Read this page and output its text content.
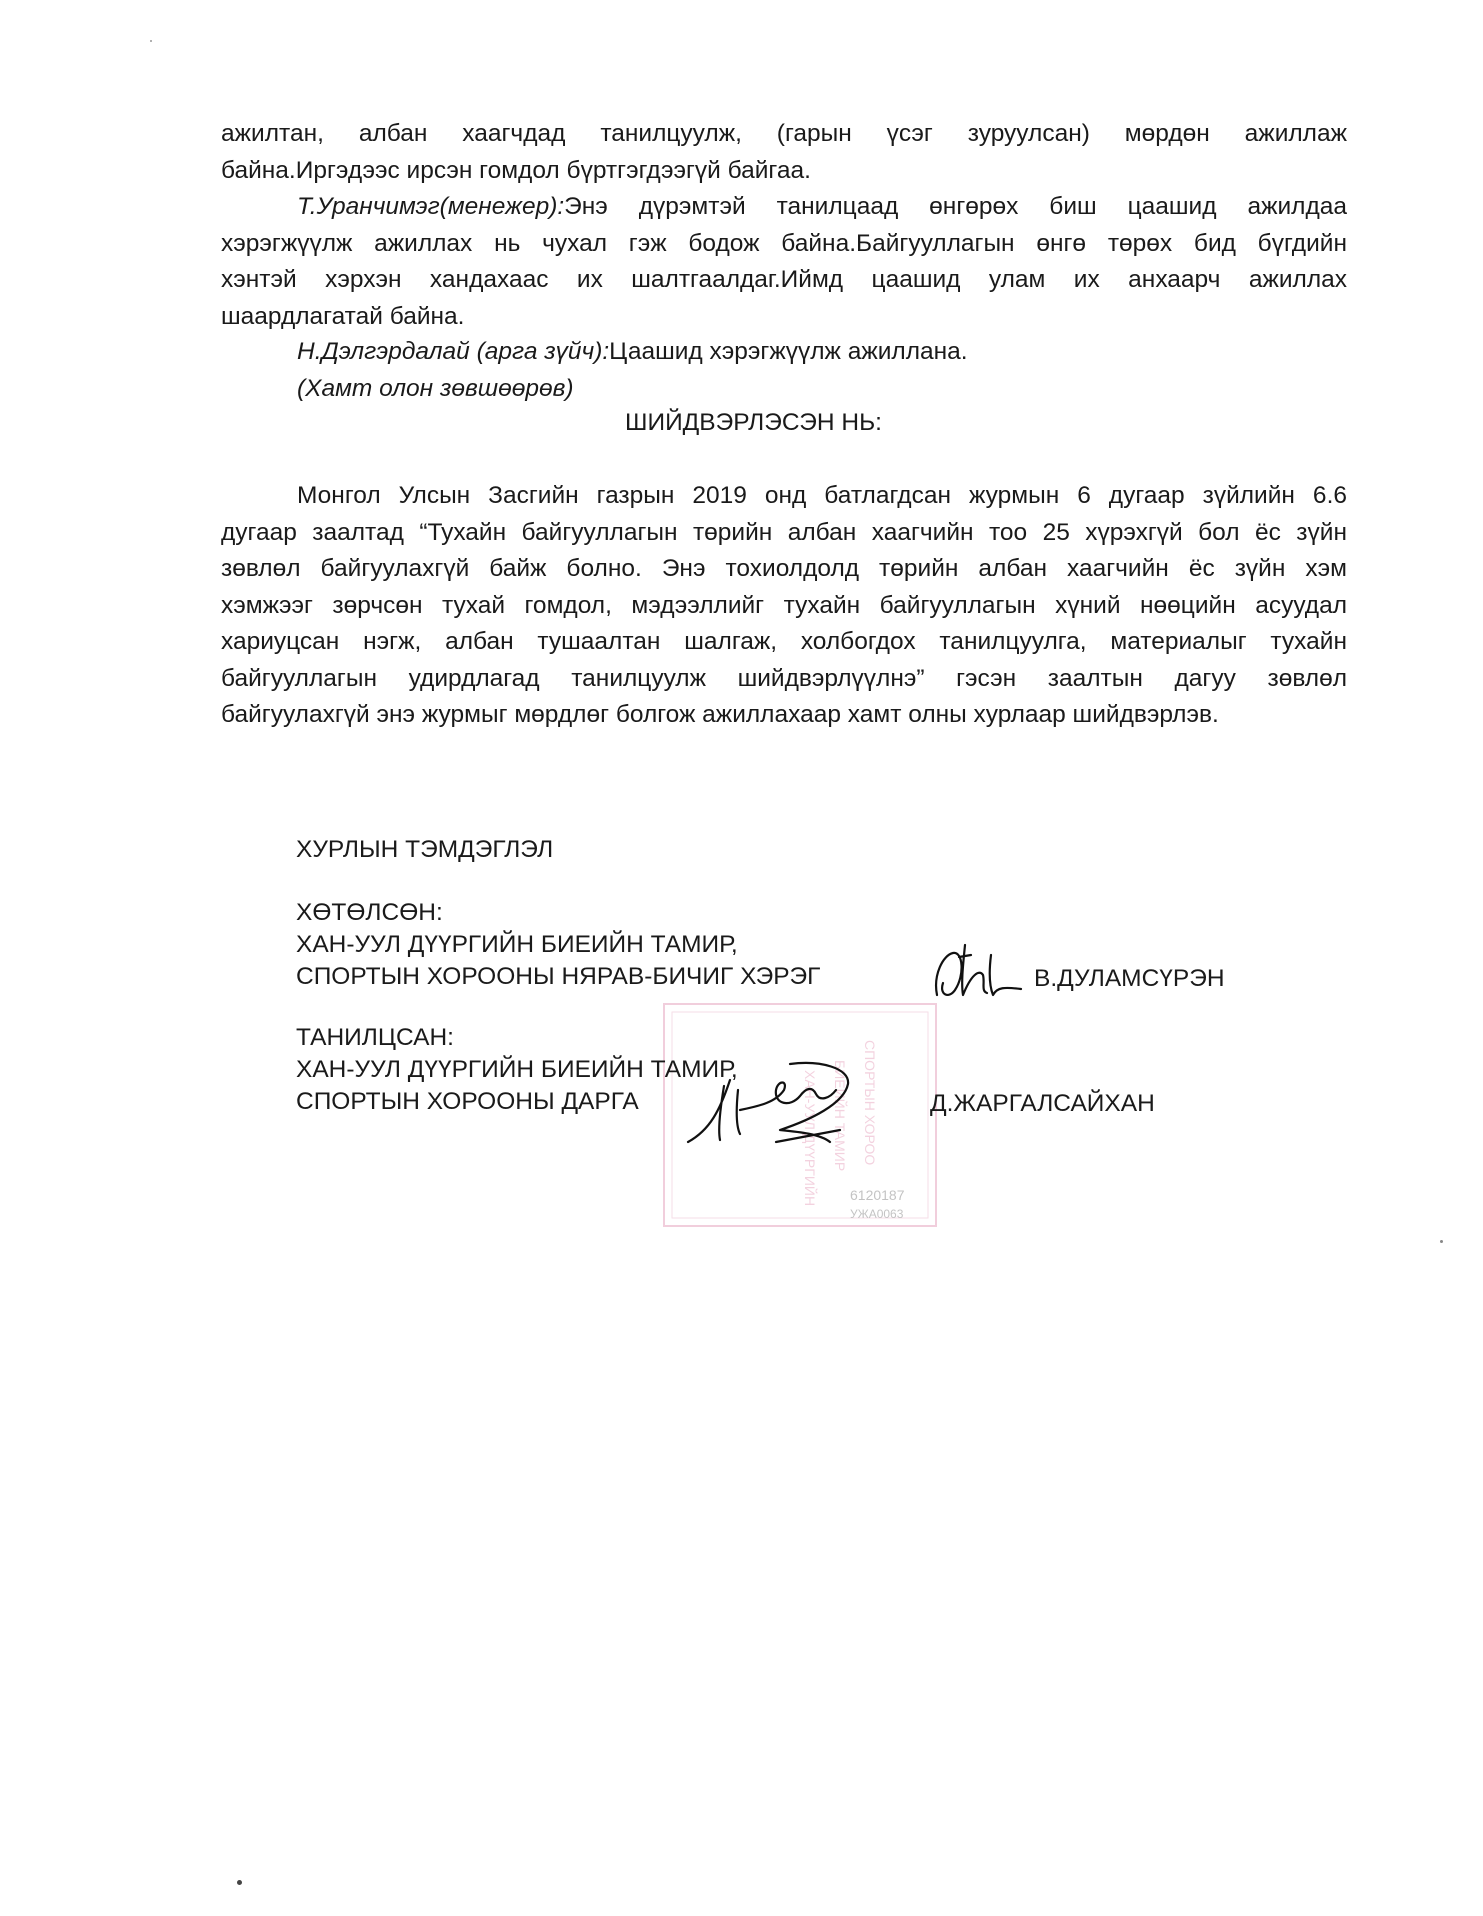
ажилтан, албан хаагчдад танилцуулж, (гарын үсэг зуруулсан) мөрдөн ажиллаж
байна.Иргэдээс ирсэн гомдол бүртгэгдээгүй байгаа.
Т.Уранчимэг(менежер):Энэ дүрэмтэй танилцаад өнгөрөх биш цаашид ажилдаа
хэрэгжүүлж ажиллах нь чухал гэж бодож байна.Байгууллагын өнгө төрөх бид бүгдийн
хэнтэй хэрхэн хандахаас их шалтгаалдаг.Иймд цаашид улам их анхаарч ажиллах
шаардлагатай байна.
Н.Дэлгэрдалай (арга зүйч):Цаашид хэрэгжүүлж ажиллана.
(Хамт олон зөвшөөрөв)
ШИЙДВЭРЛЭСЭН НЬ:
Монгол Улсын Засгийн газрын 2019 онд батлагдсан журмын 6 дугаар зүйлийн 6.6
дугаар заалтад “Тухайн байгууллагын төрийн албан хаагчийн тоо 25 хүрэхгүй бол ёс зүйн
зөвлөл байгуулахгүй байж болно. Энэ тохиолдолд төрийн албан хаагчийн ёс зүйн хэм
хэмжээг зөрчсөн тухай гомдол, мэдээллийг тухайн байгууллагын хүний нөөцийн асуудал
хариуцсан нэгж, албан тушаалтан шалгаж, холбогдох танилцуулга, материалыг тухайн
байгууллагын удирдлагад танилцуулж шийдвэрлүүлнэ” гэсэн заалтын дагуу зөвлөл
байгуулахгүй энэ журмыг мөрдлөг болгож ажиллахаар хамт олны хурлаар шийдвэрлэв.
ХУРЛЫН ТЭМДЭГЛЭЛ
ХӨТӨЛСӨН:
ХАН-УУЛ ДҮҮРГИЙН БИЕИЙН ТАМИР,
СПОРТЫН ХОРООНЫ НЯРАВ-БИЧИГ ХЭРЭГ	В.ДУЛАМСҮРЭН
ХАН-УУЛ ДҮҮРГИЙН БИЕИЙН ТАМИР СПОРТЫН ХОРОО
6120187
УЖА0063
ТАНИЛЦСАН:
ХАН-УУЛ ДҮҮРГИЙН БИЕИЙН ТАМИР,
СПОРТЫН ХОРООНЫ ДАРГА	Д.ЖАРГАЛСАЙХАН
